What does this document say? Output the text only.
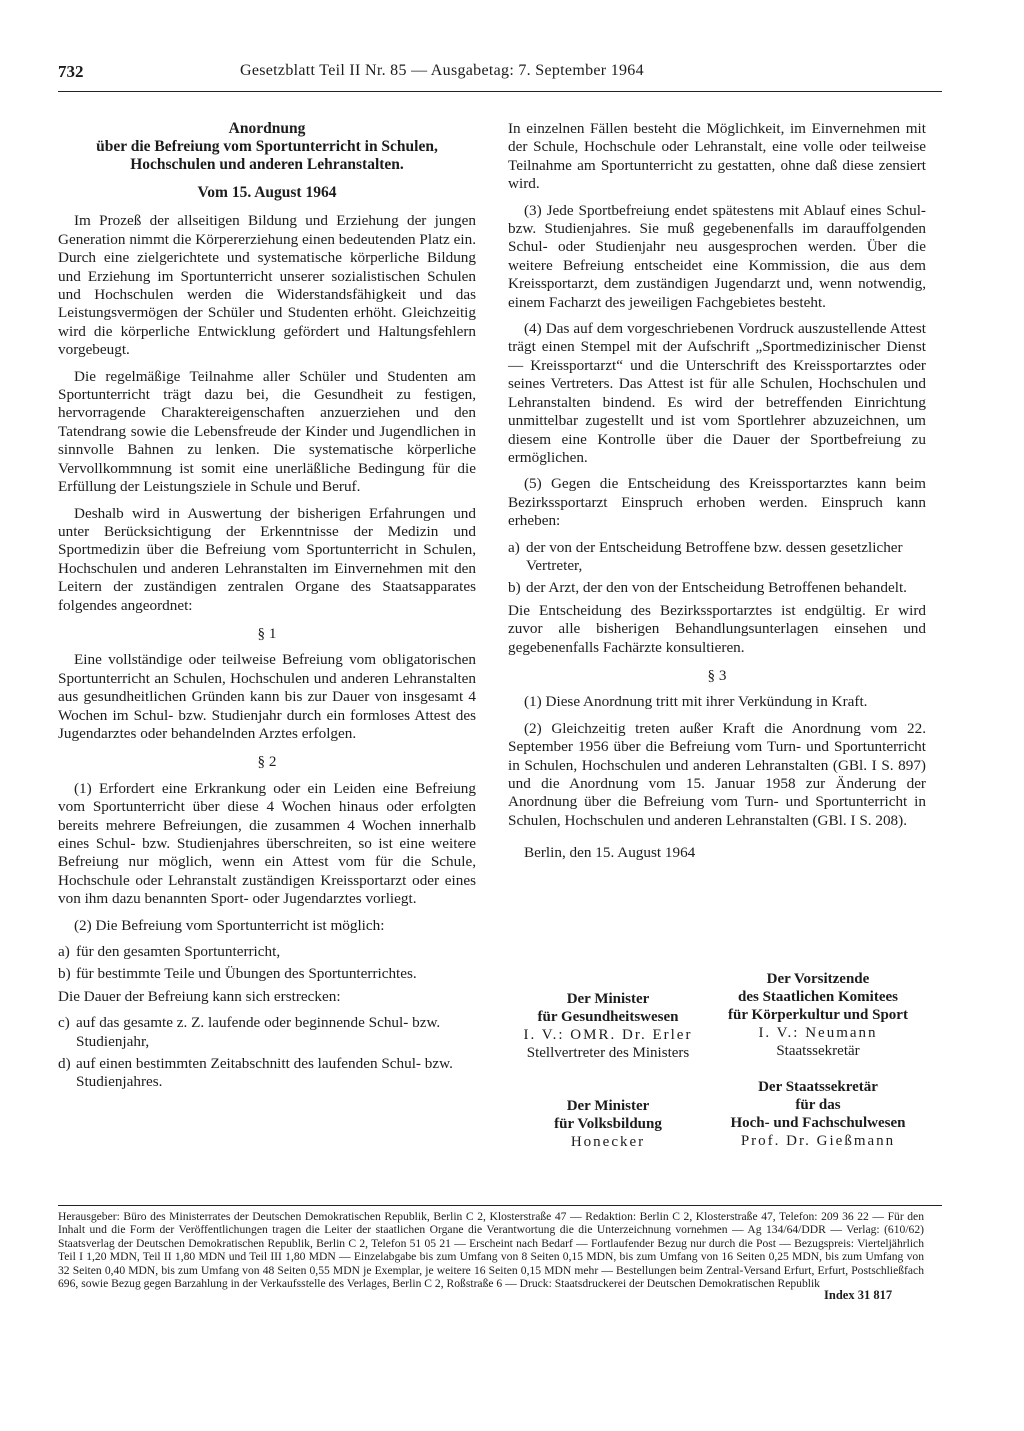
732	Gesetzblatt Teil II Nr. 85 — Ausgabetag: 7. September 1964
Anordnung
über die Befreiung vom Sportunterricht in Schulen,
Hochschulen und anderen Lehranstalten.
Vom 15. August 1964

Im Prozeß der allseitigen Bildung und Erziehung der jungen Generation nimmt die Körpererziehung einen bedeutenden Platz ein. Durch eine zielgerichtete und systematische körperliche Bildung und Erziehung im Sportunterricht unserer sozialistischen Schulen und Hochschulen werden die Widerstandsfähigkeit und das Leistungsvermögen der Schüler und Studenten erhöht. Gleichzeitig wird die körperliche Entwicklung gefördert und Haltungsfehlern vorgebeugt.

Die regelmäßige Teilnahme aller Schüler und Studenten am Sportunterricht trägt dazu bei, die Gesundheit zu festigen, hervorragende Charaktereigenschaften anzuerziehen und den Tatendrang sowie die Lebensfreude der Kinder und Jugendlichen in sinnvolle Bahnen zu lenken. Die systematische körperliche Vervollkommnung ist somit eine unerläßliche Bedingung für die Erfüllung der Leistungsziele in Schule und Beruf.

Deshalb wird in Auswertung der bisherigen Erfahrungen und unter Berücksichtigung der Erkenntnisse der Medizin und Sportmedizin über die Befreiung vom Sportunterricht in Schulen, Hochschulen und anderen Lehranstalten im Einvernehmen mit den Leitern der zuständigen zentralen Organe des Staatsapparates folgendes angeordnet:

§ 1

Eine vollständige oder teilweise Befreiung vom obligatorischen Sportunterricht an Schulen, Hochschulen und anderen Lehranstalten aus gesundheitlichen Gründen kann bis zur Dauer von insgesamt 4 Wochen im Schul- bzw. Studienjahr durch ein formloses Attest des Jugendarztes oder behandelnden Arztes erfolgen.

§ 2

(1) Erfordert eine Erkrankung oder ein Leiden eine Befreiung vom Sportunterricht über diese 4 Wochen hinaus oder erfolgten bereits mehrere Befreiungen, die zusammen 4 Wochen innerhalb eines Schul- bzw. Studienjahres überschreiten, so ist eine weitere Befreiung nur möglich, wenn ein Attest vom für die Schule, Hochschule oder Lehranstalt zuständigen Kreissportarzt oder eines von ihm dazu benannten Sport- oder Jugendarztes vorliegt.

(2) Die Befreiung vom Sportunterricht ist möglich:

a) für den gesamten Sportunterricht,
b) für bestimmte Teile und Übungen des Sportunterrichtes.

Die Dauer der Befreiung kann sich erstrecken:

c) auf das gesamte z. Z. laufende oder beginnende Schul- bzw. Studienjahr,
d) auf einen bestimmten Zeitabschnitt des laufenden Schul- bzw. Studienjahres.

In einzelnen Fällen besteht die Möglichkeit, im Einvernehmen mit der Schule, Hochschule oder Lehranstalt, eine volle oder teilweise Teilnahme am Sportunterricht zu gestatten, ohne daß diese zensiert wird.

(3) Jede Sportbefreiung endet spätestens mit Ablauf eines Schul- bzw. Studienjahres. Sie muß gegebenenfalls im darauffolgenden Schul- oder Studienjahr neu ausgesprochen werden. Über die weitere Befreiung entscheidet eine Kommission, die aus dem Kreissportarzt, dem zuständigen Jugendarzt und, wenn notwendig, einem Facharzt des jeweiligen Fachgebietes besteht.

(4) Das auf dem vorgeschriebenen Vordruck auszustellende Attest trägt einen Stempel mit der Aufschrift „Sportmedizinischer Dienst — Kreissportarzt“ und die Unterschrift des Kreissportarztes oder seines Vertreters. Das Attest ist für alle Schulen, Hochschulen und Lehranstalten bindend. Es wird der betreffenden Einrichtung unmittelbar zugestellt und ist vom Sportlehrer abzuzeichnen, um diesem eine Kontrolle über die Dauer der Sportbefreiung zu ermöglichen.

(5) Gegen die Entscheidung des Kreissportarztes kann beim Bezirkssportarzt Einspruch erhoben werden. Einspruch kann erheben:

a) der von der Entscheidung Betroffene bzw. dessen gesetzlicher Vertreter,
b) der Arzt, der den von der Entscheidung Betroffenen behandelt.

Die Entscheidung des Bezirkssportarztes ist endgültig. Er wird zuvor alle bisherigen Behandlungsunterlagen einsehen und gegebenenfalls Fachärzte konsultieren.

§ 3

(1) Diese Anordnung tritt mit ihrer Verkündung in Kraft.

(2) Gleichzeitig treten außer Kraft die Anordnung vom 22. September 1956 über die Befreiung vom Turn- und Sportunterricht in Schulen, Hochschulen und anderen Lehranstalten (GBl. I S. 897) und die Anordnung vom 15. Januar 1958 zur Änderung der Anordnung über die Befreiung vom Turn- und Sportunterricht in Schulen, Hochschulen und anderen Lehranstalten (GBl. I S. 208).

Berlin, den 15. August 1964
Der Minister
für Gesundheitswesen
I. V.: OMR. Dr. Erler
Stellvertreter des Ministers
Der Vorsitzende
des Staatlichen Komitees
für Körperkultur und Sport
I. V.: Neumann
Staatssekretär
Der Minister
für Volksbildung
Honecker
Der Staatssekretär
für das
Hoch- und Fachschulwesen
Prof. Dr. Gießmann
Herausgeber: Büro des Ministerrates der Deutschen Demokratischen Republik, Berlin C 2, Klosterstraße 47 — Redaktion: Berlin C 2, Klosterstraße 47, Telefon: 209 36 22 — Für den Inhalt und die Form der Veröffentlichungen tragen die Leiter der staatlichen Organe die Verantwortung die die Unterzeichnung vornehmen — Ag 134/64/DDR — Verlag: (610/62) Staatsverlag der Deutschen Demokratischen Republik, Berlin C 2, Telefon 51 05 21 — Erscheint nach Bedarf — Fortlaufender Bezug nur durch die Post — Bezugspreis: Vierteljährlich Teil I 1,20 MDN, Teil II 1,80 MDN und Teil III 1,80 MDN — Einzelabgabe bis zum Umfang von 8 Seiten 0,15 MDN, bis zum Umfang von 16 Seiten 0,25 MDN, bis zum Umfang von 32 Seiten 0,40 MDN, bis zum Umfang von 48 Seiten 0,55 MDN je Exemplar, je weitere 16 Seiten 0,15 MDN mehr — Bestellungen beim Zentral-Versand Erfurt, Erfurt, Postschließfach 696, sowie Bezug gegen Barzahlung in der Verkaufsstelle des Verlages, Berlin C 2, Roßstraße 6 — Druck: Staatsdruckerei der Deutschen Demokratischen Republik
Index 31 817
